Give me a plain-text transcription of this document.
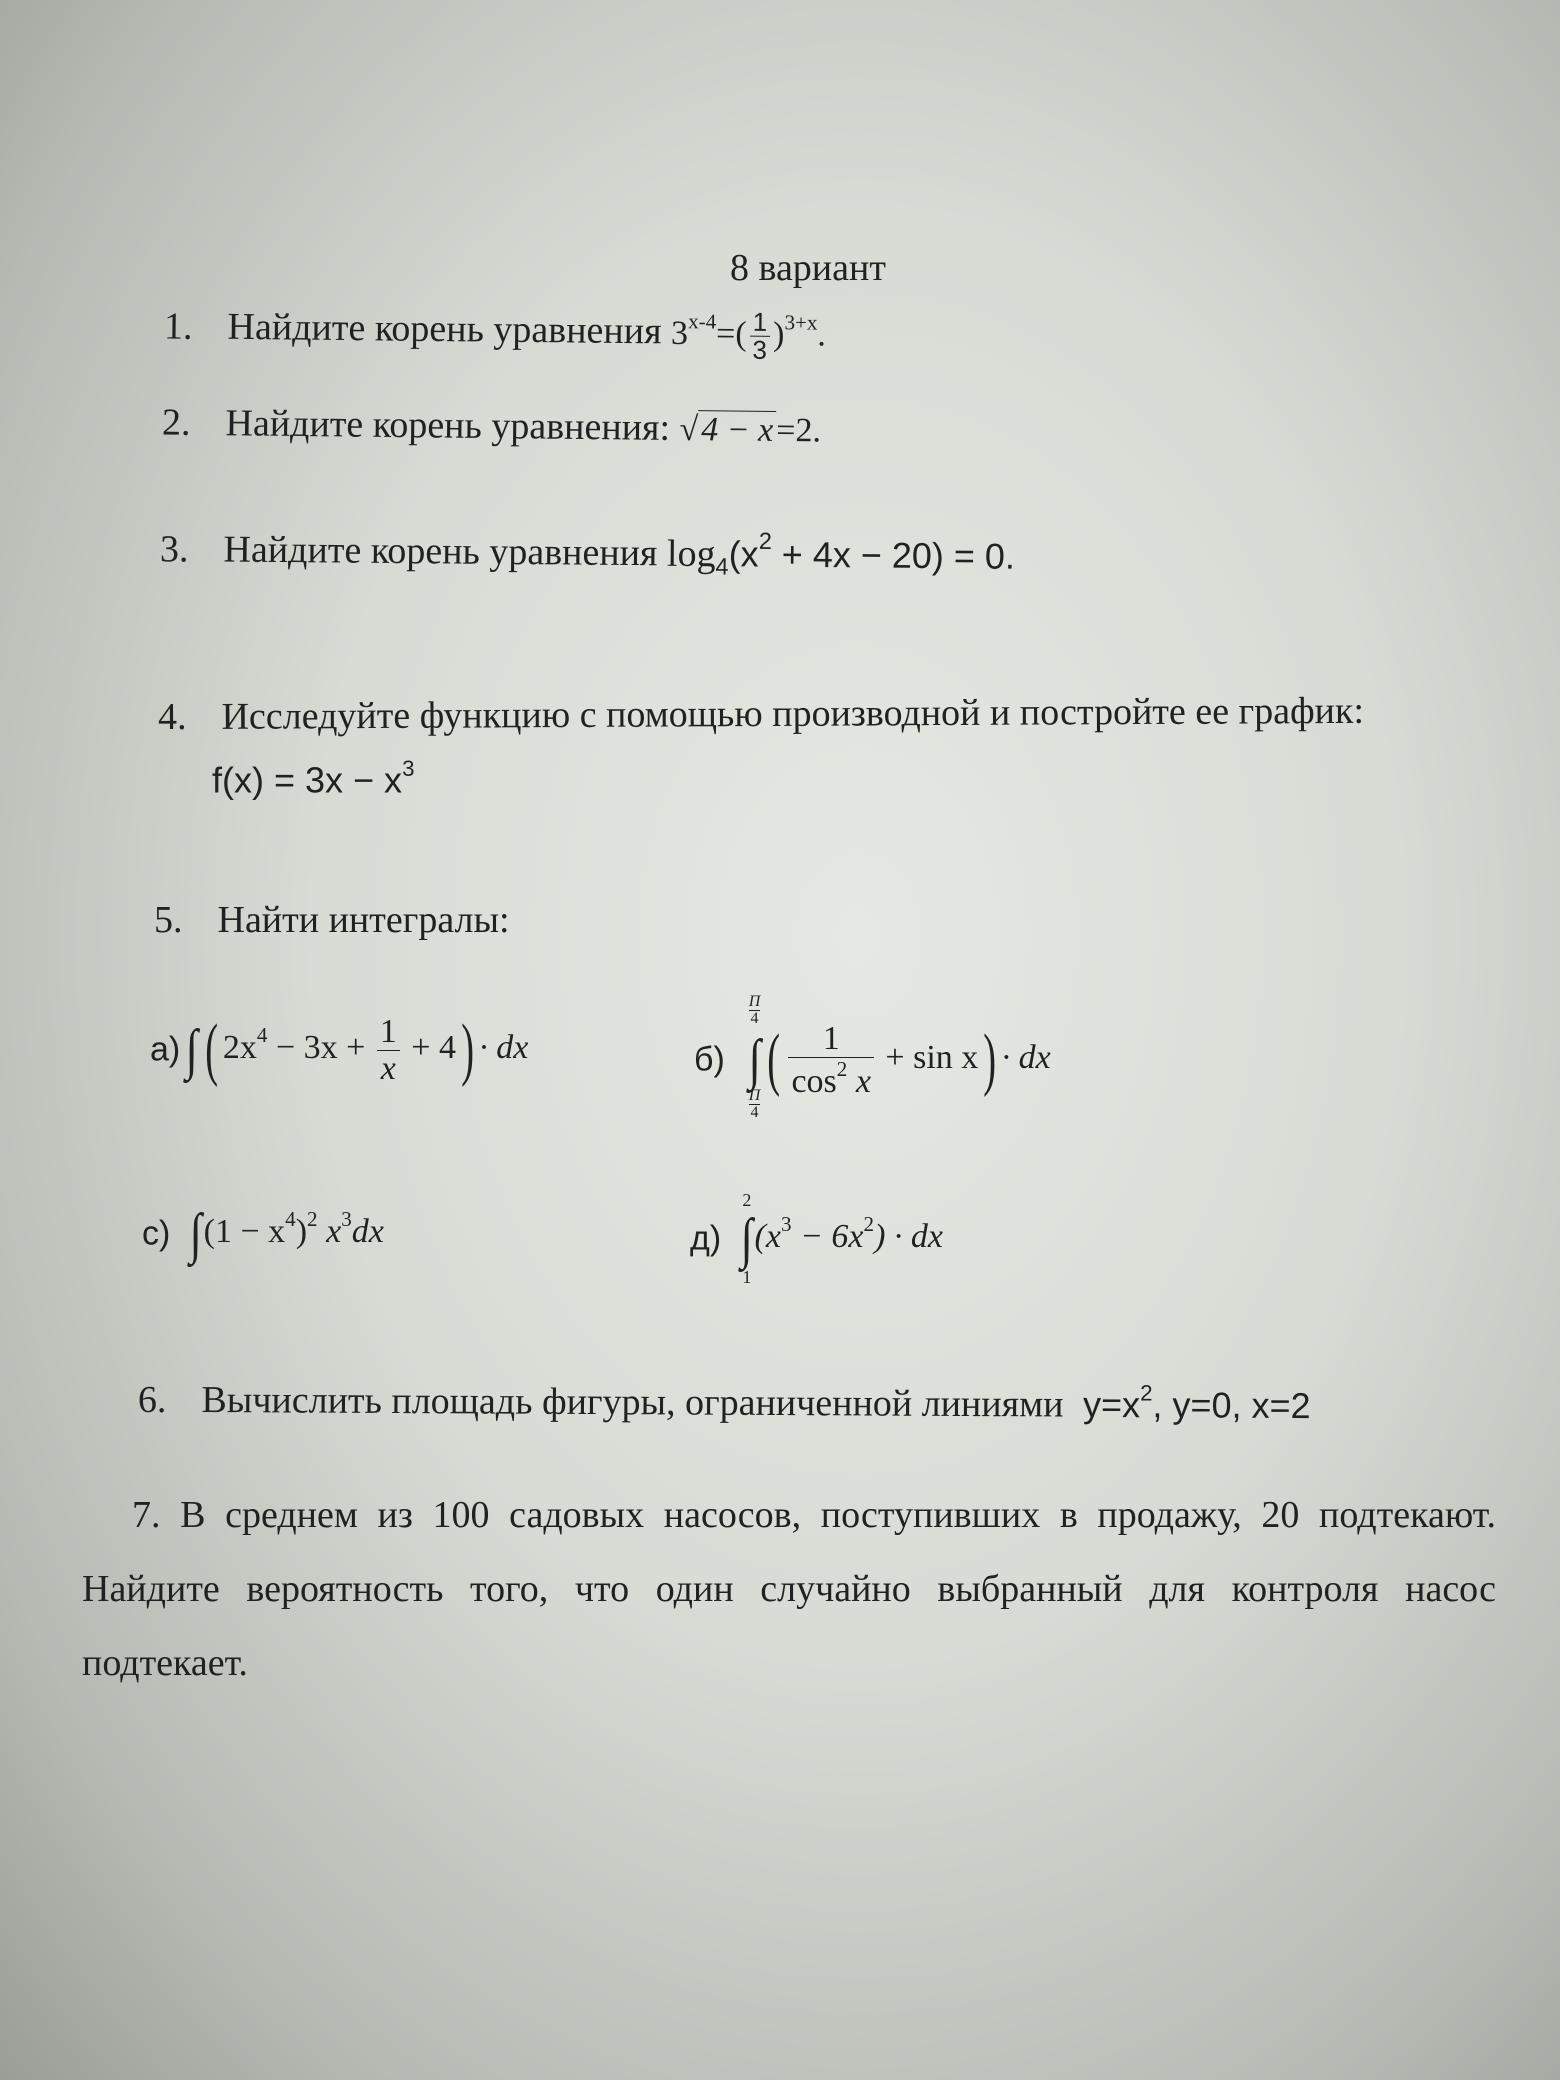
8 вариант
1. Найдите корень уравнения $3^{x-4}=( \frac{1}{3} )^{3+x}$.
2. Найдите корень уравнения: √4 − x=2.
3. Найдите корень уравнения $\log_4(x^2 + 4x - 20) = 0$.
4. Исследуйте функцию с помощью производной и постройте ее график:
$f(x) = 3x - x^3$
5. Найти интегралы:
а) ∫( $2x^4 - 3x + \frac{1}{x} + 4$) · dx	б)
$\frac{П}{4}$
∫
$\frac{П}{4}$
( $\frac{1}{\cos^2 x} + \sin x$) · dx
с) $\int(1 - x^4)^2$ $x^3dx$	д)
2
∫
1
$(x^3 - 6x^2)$ · dx
6. Вычислить площадь фигуры, ограниченной линиями $y=x^2$, y=0, x=2
7. В среднем из 100 садовых насосов, поступивших в продажу, 20 подтекают. Найдите вероятность того, что один случайно выбранный для контроля насос подтекает.
